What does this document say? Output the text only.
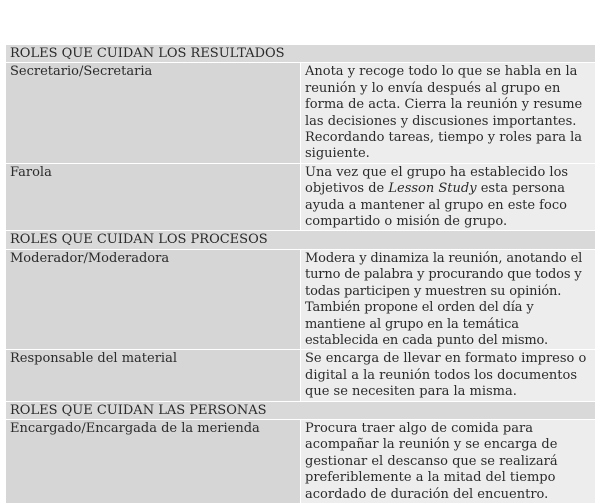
ROLES QUE CUIDAN LOS RESULTADOS	
Secretario/Secretaria	Anota y recoge todo lo que se habla en la reunión y lo envía después al grupo en forma de acta. Cierra la reunión y resume las decisiones y discusiones importantes. Recordando tareas, tiempo y roles para la siguiente.
Farola	Una vez que el grupo ha establecido los objetivos de Lesson Study esta persona ayuda a mantener al grupo en este foco compartido o misión de grupo.
ROLES QUE CUIDAN LOS PROCESOS	
Moderador/Moderadora	Modera y dinamiza la reunión, anotando el turno de palabra y procurando que todos y todas participen y muestren su opinión. También propone el orden del día y mantiene al grupo en la temática establecida en cada punto del mismo.
Responsable del material	Se encarga de llevar en formato impreso o digital a la reunión todos los documentos que se necesiten para la misma.
ROLES QUE CUIDAN LAS PERSONAS	
Encargado/Encargada de la merienda	Procura traer algo de comida para acompañar la reunión y se encarga de gestionar el descanso que se realizará preferiblemente a la mitad del tiempo acordado de duración del encuentro.
